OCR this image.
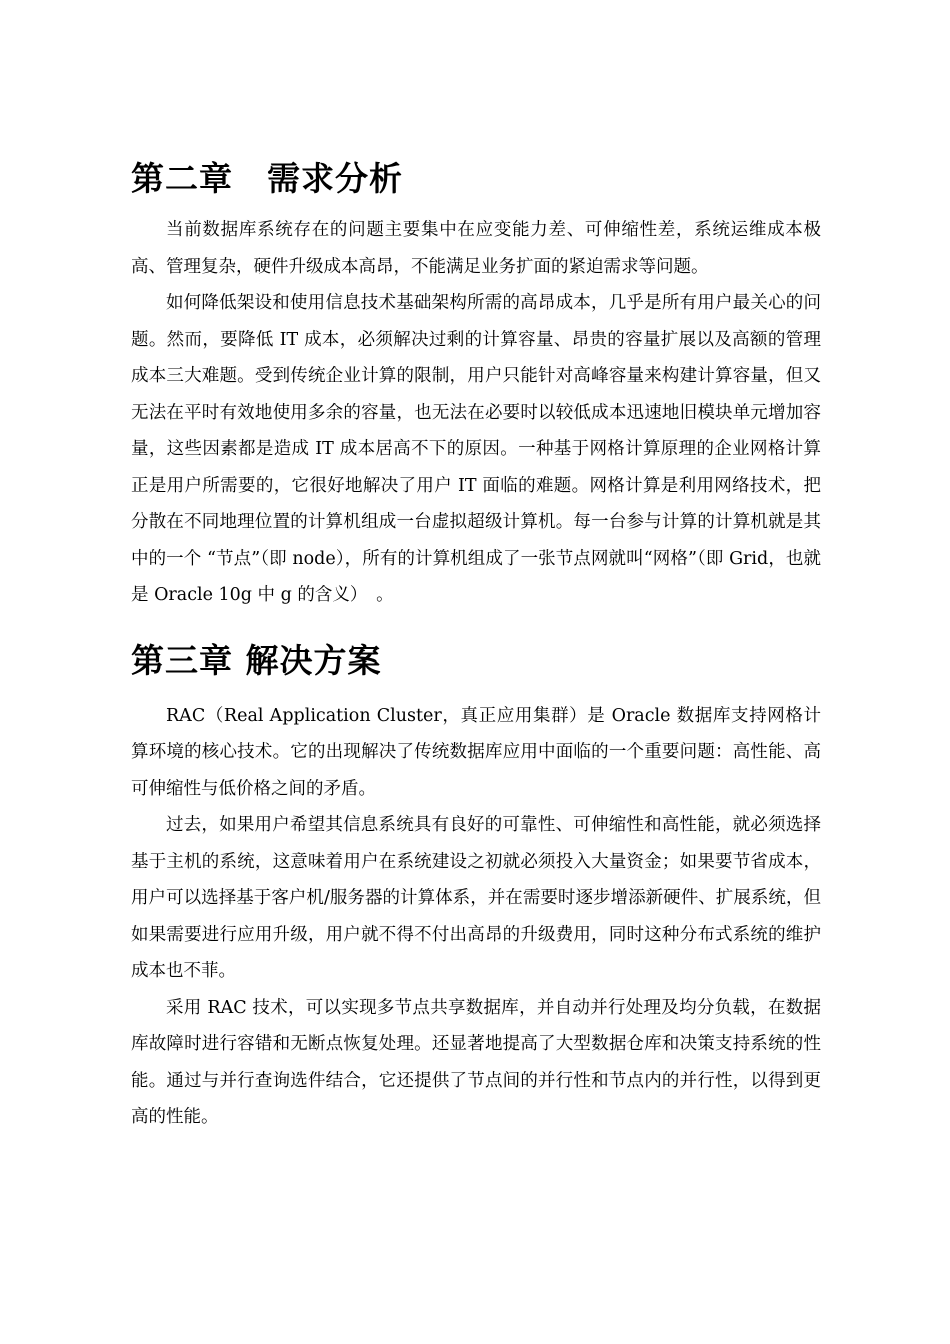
第二章　需求分析

当前数据库系统存在的问题主要集中在应变能力差、可伸缩性差，系统运维成本极高、管理复杂，硬件升级成本高昂，不能满足业务扩面的紧迫需求等问题。

如何降低架设和使用信息技术基础架构所需的高昂成本，几乎是所有用户最关心的问题。然而，要降低 IT 成本，必须解决过剩的计算容量、昂贵的容量扩展以及高额的管理成本三大难题。受到传统企业计算的限制，用户只能针对高峰容量来构建计算容量，但又无法在平时有效地使用多余的容量，也无法在必要时以较低成本迅速地旧模块单元增加容量，这些因素都是造成 IT 成本居高不下的原因。一种基于网格计算原理的企业网格计算正是用户所需要的，它很好地解决了用户 IT 面临的难题。网格计算是利用网络技术，把分散在不同地理位置的计算机组成一台虚拟超级计算机。每一台参与计算的计算机就是其中的一个 “节点”（即 node），所有的计算机组成了一张节点网就叫“网格”（即 Grid，也就是 Oracle 10g 中 g 的含义）　。

第三章 解决方案

RAC（Real Application Cluster，真正应用集群）是 Oracle 数据库支持网格计算环境的核心技术。它的出现解决了传统数据库应用中面临的一个重要问题：高性能、高可伸缩性与低价格之间的矛盾。

过去，如果用户希望其信息系统具有良好的可靠性、可伸缩性和高性能，就必须选择基于主机的系统，这意味着用户在系统建设之初就必须投入大量资金；如果要节省成本，用户可以选择基于客户机/服务器的计算体系，并在需要时逐步增添新硬件、扩展系统，但如果需要进行应用升级，用户就不得不付出高昂的升级费用，同时这种分布式系统的维护成本也不菲。

采用 RAC 技术，可以实现多节点共享数据库，并自动并行处理及均分负载，在数据库故障时进行容错和无断点恢复处理。还显著地提高了大型数据仓库和决策支持系统的性能。通过与并行查询选件结合，它还提供了节点间的并行性和节点内的并行性，以得到更高的性能。
